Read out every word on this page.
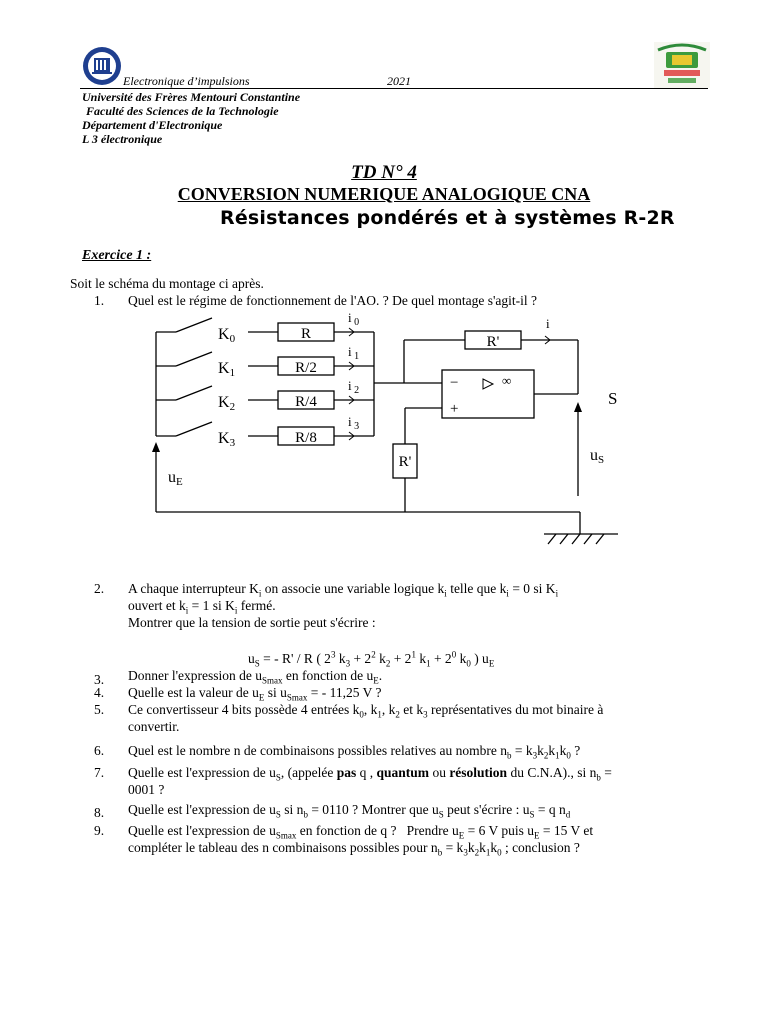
Electronique d’impulsions	2021
Université des Frères Mentouri Constantine
Faculté des Sciences de la Technologie
Département d'Electronique
L 3 électronique
TD N° 4
CONVERSION NUMERIQUE ANALOGIQUE CNA
Résistances pondérés et à systèmes R-2R
Exercice 1 :
Soit le schéma du montage ci après.
1. Quel est le régime de fonctionnement de l'AO. ? De quel montage s'agit-il ?
K0
K1
K2
K3
R
R/2
R/4
R/8
i $_0$
i $_1$
i $_2$
i $_3$
R'
R'
i
S
−
+
∞
uE
uS
2. A chaque interrupteur $K_i$ on associe une variable logique $k_i$ telle que $k_i = 0$ si $K_i$
ouvert et $k_i = 1$ si $K_i$ fermé.
Montrer que la tension de sortie peut s'écrire :
$u_S$ = - R' / R ( $2^3$ $k_3 + 2^2$ $k_2 + 2^1$ $k_1 + 2^0$ $k_0$ ) $u_E$
3. Donner l'expression de $u_{Smax}$ en fonction de $u_E$.
4. Quelle est la valeur de $u_E$ si $u_{Smax}$ = - 11,25 V ?
5. Ce convertisseur 4 bits possède 4 entrées $k_0$, $k_1$, $k_2$ et $k_3$ représentatives du mot binaire à
convertir.
6. Quel est le nombre n de combinaisons possibles relatives au nombre $n_b = k_3k_2k_1k_0$ ?
7. Quelle est l'expression de $u_S$, (appelée pas q , quantum ou résolution du C.N.A)., si $n_b$ =
0001 ?
8. Quelle est l'expression de $u_S$ si $n_b = 0110$ ? Montrer que $u_S$ peut s'écrire : $u_S = q$ $n_d$
9. Quelle est l'expression de $u_{Smax}$ en fonction de q ?   Prendre $u_E = 6$ V puis $u_E = 15$ V et
compléter le tableau des n combinaisons possibles pour $n_b = k_3k_2k_1k_0$ ; conclusion ?
